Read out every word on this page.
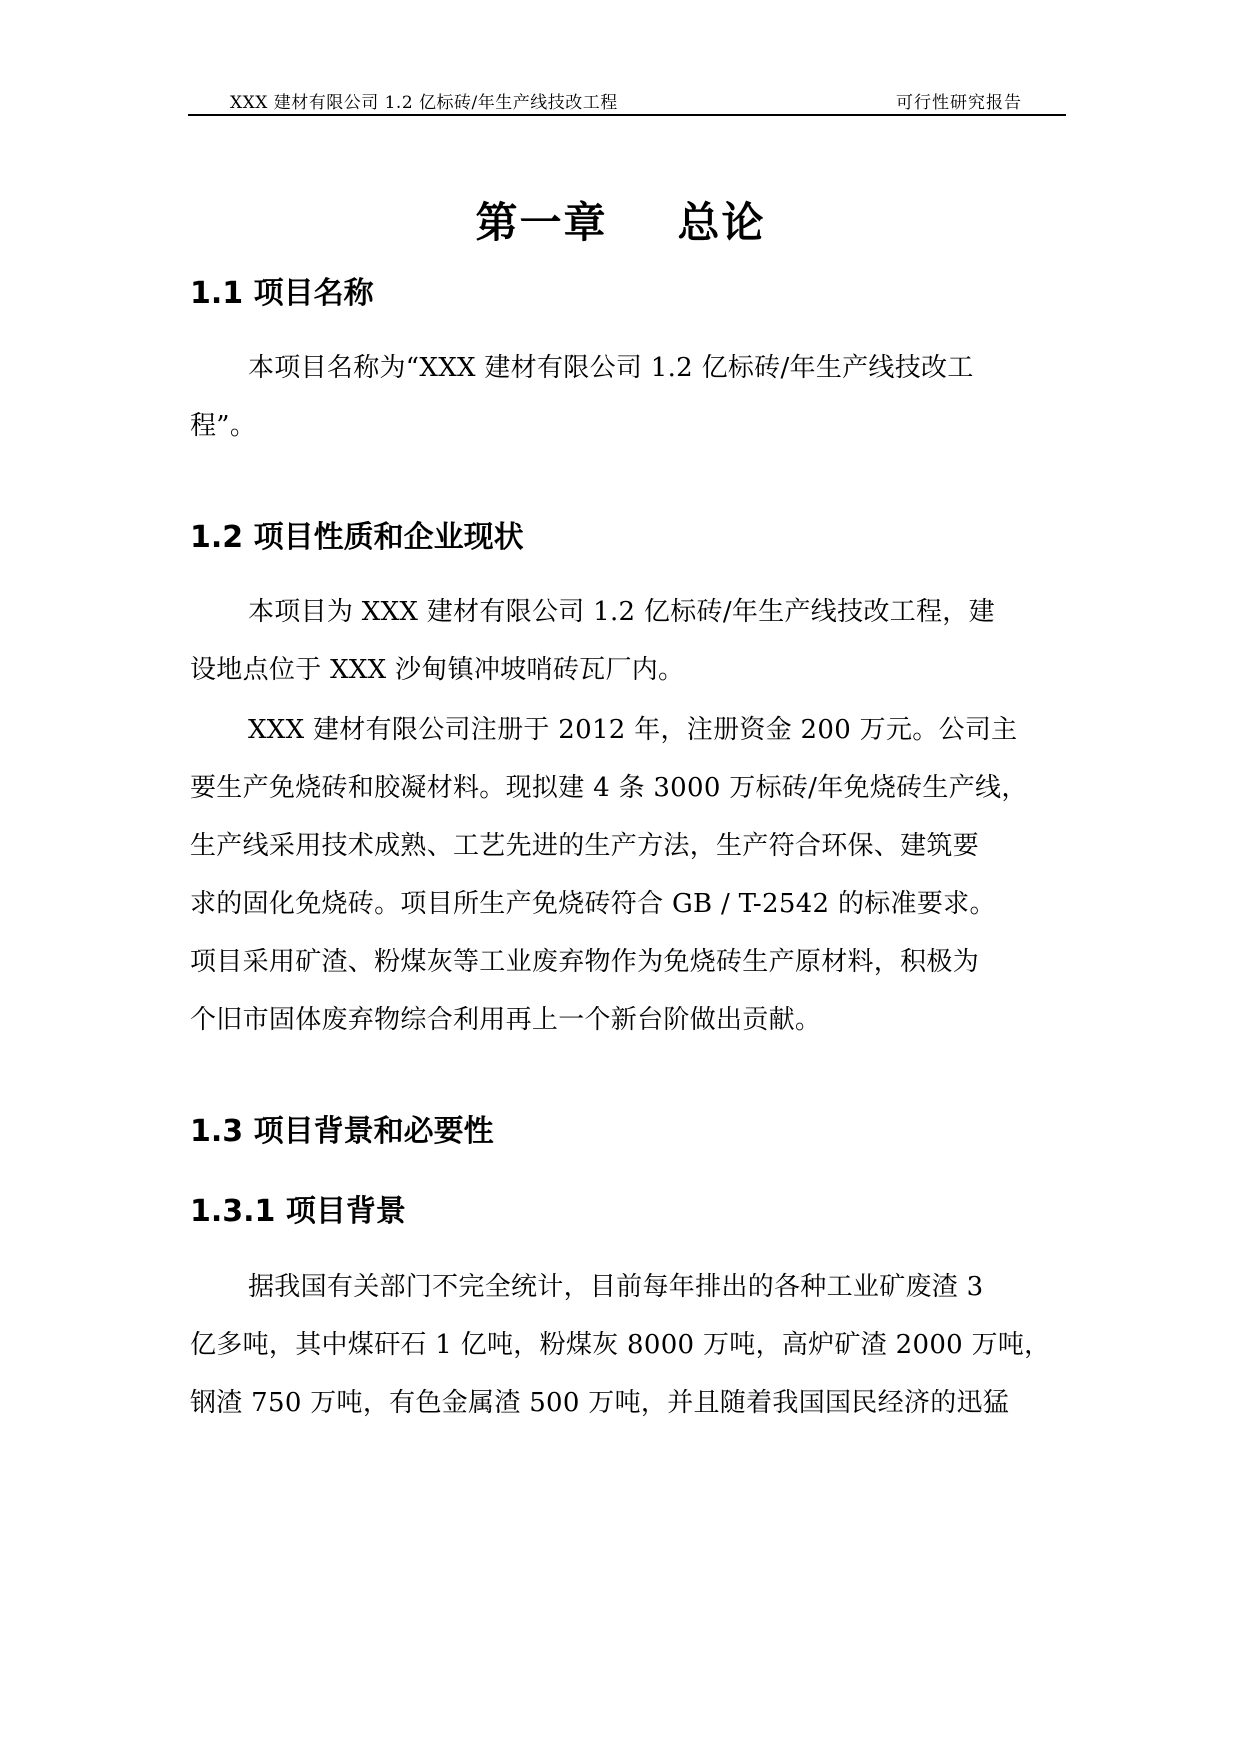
XXX 建材有限公司 1.2 亿标砖/年生产线技改工程	可行性研究报告
第一章 总论
1.1 项目名称
本项目名称为“XXX 建材有限公司 1.2 亿标砖/年生产线技改工
程”。
1.2 项目性质和企业现状
本项目为 XXX 建材有限公司 1.2 亿标砖/年生产线技改工程，建
设地点位于 XXX 沙甸镇冲坡哨砖瓦厂内。
XXX 建材有限公司注册于 2012 年，注册资金 200 万元。公司主
要生产免烧砖和胶凝材料。现拟建 4 条 3000 万标砖/年免烧砖生产线，
生产线采用技术成熟、工艺先进的生产方法，生产符合环保、建筑要
求的固化免烧砖。项目所生产免烧砖符合 GB / T-2542 的标准要求。
项目采用矿渣、粉煤灰等工业废弃物作为免烧砖生产原材料，积极为
个旧市固体废弃物综合利用再上一个新台阶做出贡献。
1.3 项目背景和必要性
1.3.1 项目背景
据我国有关部门不完全统计，目前每年排出的各种工业矿废渣 3
亿多吨，其中煤矸石 1 亿吨，粉煤灰 8000 万吨，高炉矿渣 2000 万吨，
钢渣 750 万吨，有色金属渣 500 万吨，并且随着我国国民经济的迅猛
